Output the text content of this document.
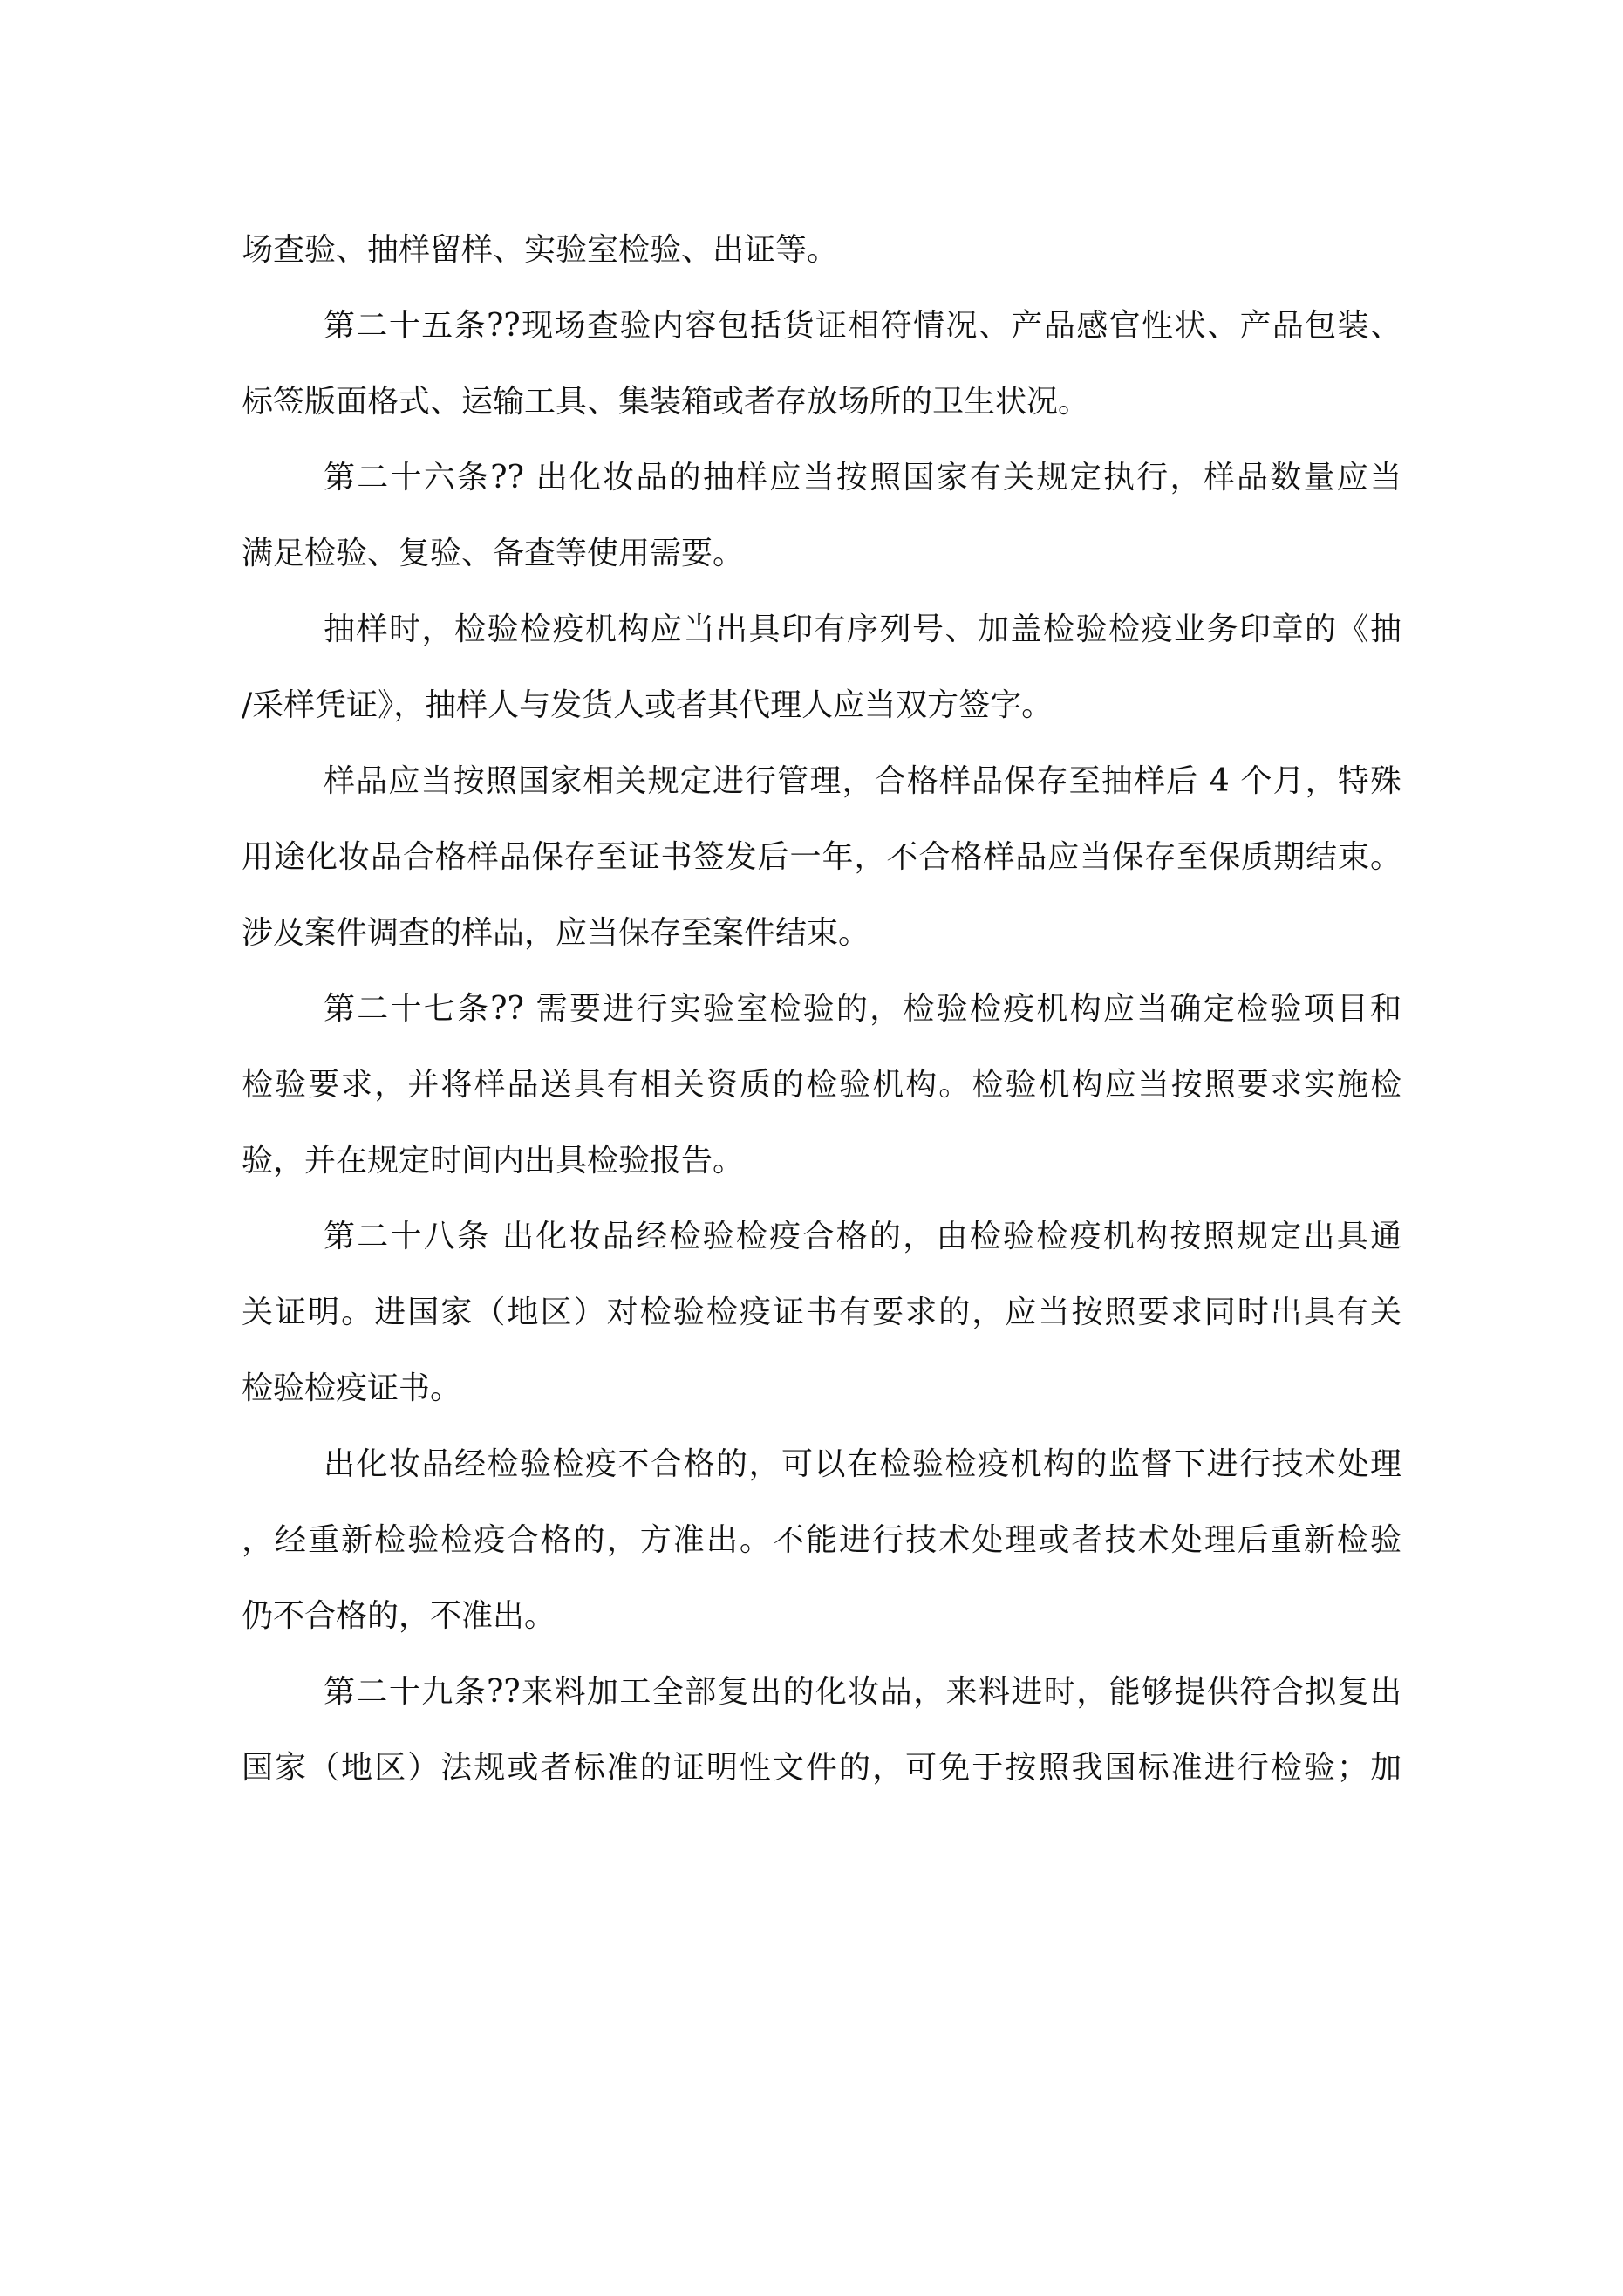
场查验、抽样留样、实验室检验、出证等。
第二十五条??现场查验内容包括货证相符情况、产品感官性状、产品包装、
标签版面格式、运输工具、集装箱或者存放场所的卫生状况。
第二十六条?? 出化妆品的抽样应当按照国家有关规定执行，样品数量应当
满足检验、复验、备查等使用需要。
抽样时，检验检疫机构应当出具印有序列号、加盖检验检疫业务印章的《抽
/采样凭证》，抽样人与发货人或者其代理人应当双方签字。
样品应当按照国家相关规定进行管理，合格样品保存至抽样后 4 个月，特殊
用途化妆品合格样品保存至证书签发后一年，不合格样品应当保存至保质期结束。
涉及案件调查的样品，应当保存至案件结束。
第二十七条?? 需要进行实验室检验的，检验检疫机构应当确定检验项目和
检验要求，并将样品送具有相关资质的检验机构。检验机构应当按照要求实施检
验，并在规定时间内出具检验报告。
第二十八条 出化妆品经检验检疫合格的，由检验检疫机构按照规定出具通
关证明。进国家（地区）对检验检疫证书有要求的，应当按照要求同时出具有关
检验检疫证书。
出化妆品经检验检疫不合格的，可以在检验检疫机构的监督下进行技术处理
，经重新检验检疫合格的，方准出。不能进行技术处理或者技术处理后重新检验
仍不合格的，不准出。
第二十九条??来料加工全部复出的化妆品，来料进时，能够提供符合拟复出
国家（地区）法规或者标准的证明性文件的，可免于按照我国标准进行检验；加
